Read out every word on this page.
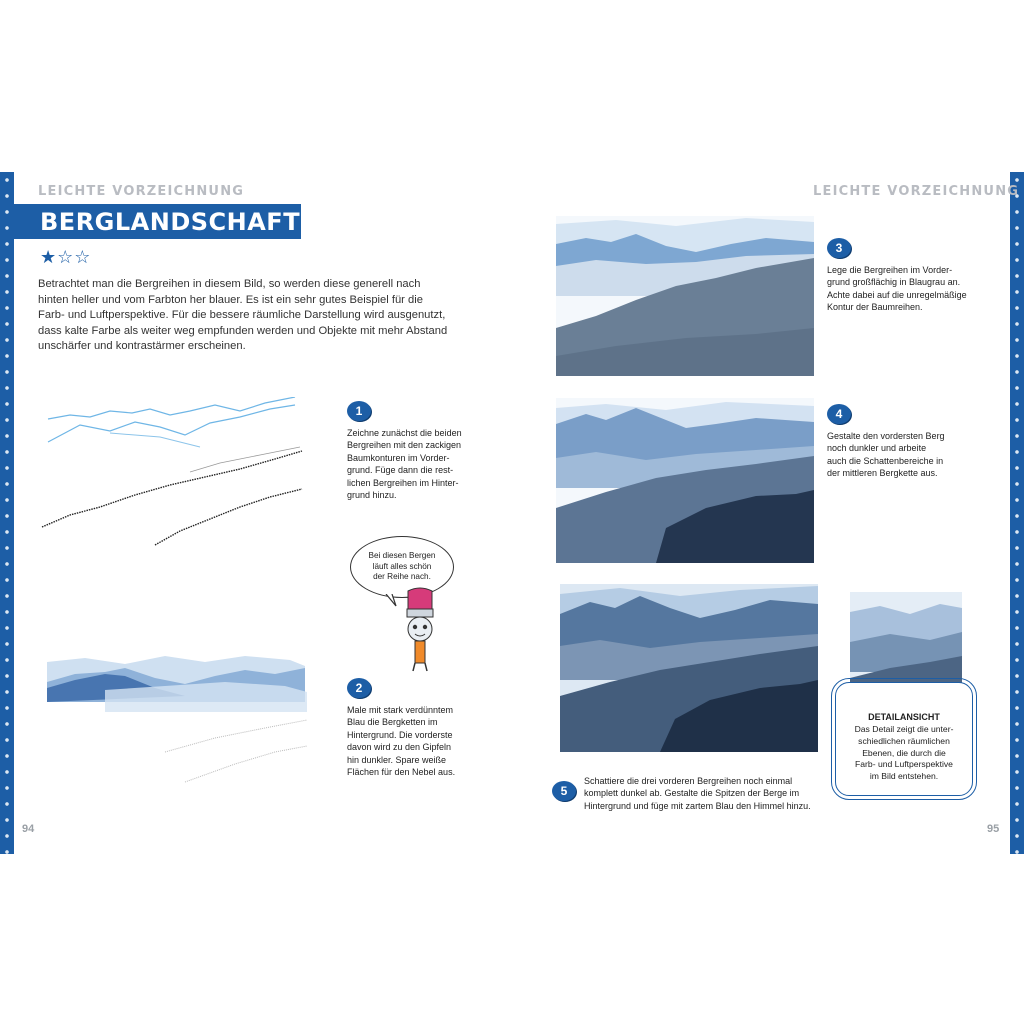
LEICHTE VORZEICHNUNG	LEICHTE VORZEICHNUNG
BERGLANDSCHAFT
★☆☆
Betrachtet man die Bergreihen in diesem Bild, so werden diese generell nach hinten heller und vom Farbton her blauer. Es ist ein sehr gutes Beispiel für die Farb- und Luftperspektive. Für die bessere räumliche Darstellung wird ausgenutzt, dass kalte Farbe als weiter weg empfunden werden und Objekte mit mehr Abstand unschärfer und kontrastärmer erscheinen.
1
Zeichne zunächst die beiden
Bergreihen mit den zackigen
Baumkonturen im Vorder-
grund. Füge dann die rest-
lichen Bergreihen im Hinter-
grund hinzu.
2
Male mit stark verdünntem
Blau die Bergketten im
Hintergrund. Die vorderste
davon wird zu den Gipfeln
hin dunkler. Spare weiße
Flächen für den Nebel aus.
3
Lege die Bergreihen im Vorder-
grund großflächig in Blaugrau an.
Achte dabei auf die unregelmäßige
Kontur der Baumreihen.
4
Gestalte den vordersten Berg
noch dunkler und arbeite
auch die Schattenbereiche in
der mittleren Bergkette aus.
5
Schattiere die drei vorderen Bergreihen noch einmal
komplett dunkel ab. Gestalte die Spitzen der Berge im
Hintergrund und füge mit zartem Blau den Himmel hinzu.
Bei diesen Bergen
läuft alles schön
der Reihe nach.
DETAILANSICHT
Das Detail zeigt die unter-
schiedlichen räumlichen
Ebenen, die durch die
Farb- und Luftperspektive
im Bild entstehen.
94	95
